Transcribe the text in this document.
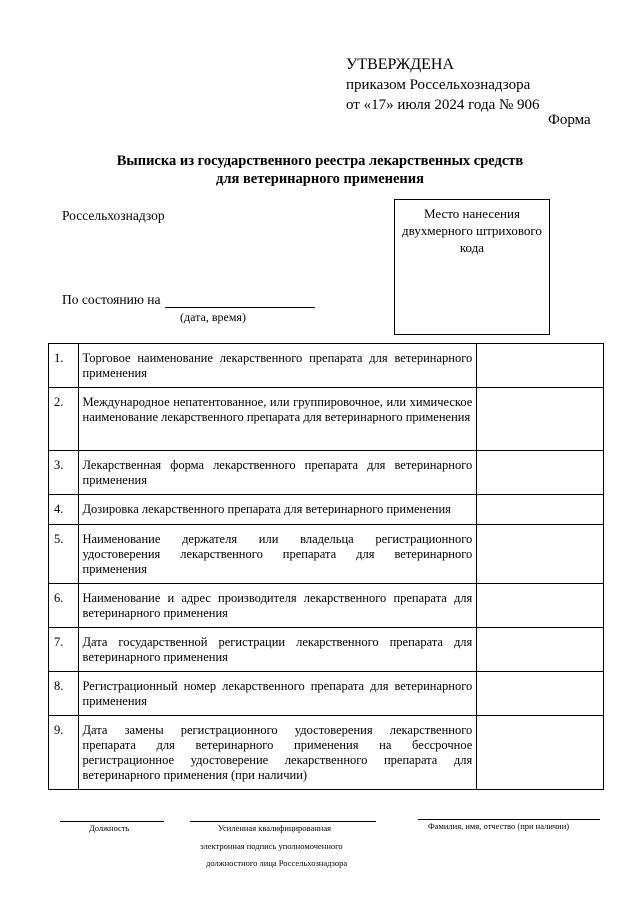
УТВЕРЖДЕНА
приказом Россельхознадзора
от «17» июля 2024 года № 906
Форма
Выписка из государственного реестра лекарственных средств
для ветеринарного применения
Россельхознадзор	Место нанесения
двухмерного штрихового
кода
По состоянию на
(дата, время)
1.	Торговое наименование лекарственного препарата для ветеринарного применения	
2.	Международное непатентованное, или группировочное, или химическое наименование лекарственного препарата для ветеринарного применения	
3.	Лекарственная форма лекарственного препарата для ветеринарного применения	
4.	Дозировка лекарственного препарата для ветеринарного применения	
5.	Наименование держателя или владельца регистрационного удостоверения лекарственного препарата для ветеринарного применения	
6.	Наименование и адрес производителя лекарственного препарата для ветеринарного применения	
7.	Дата государственной регистрации лекарственного препарата для ветеринарного применения	
8.	Регистрационный номер лекарственного препарата для ветеринарного применения	
9.	Дата замены регистрационного удостоверения лекарственного препарата для ветеринарного применения на бессрочное регистрационное удостоверение лекарственного препарата для ветеринарного применения (при наличии)	
Должность	Усиленная квалифицированная
электронная подпись уполномоченного
должностного лица Россельхознадзора
Фамилия, имя, отчество (при наличии)
